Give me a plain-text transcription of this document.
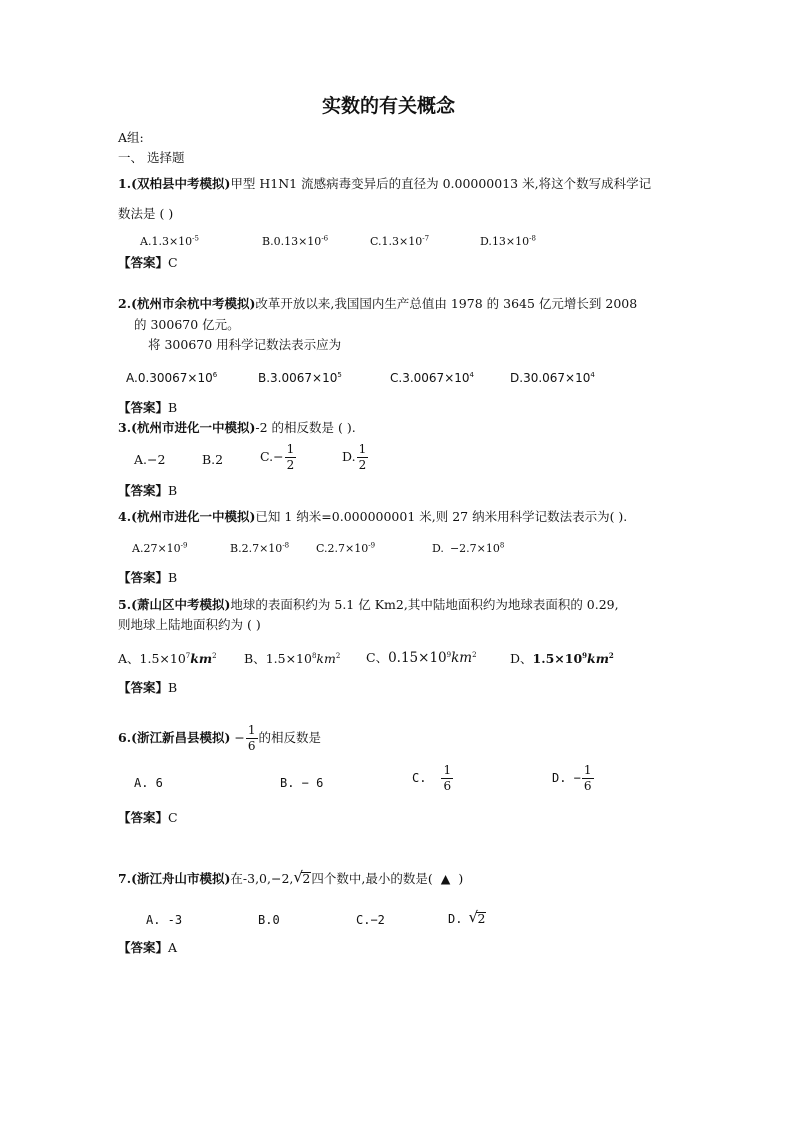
实数的有关概念
A组:
一、 选择题
1.(双柏县中考模拟)甲型 H1N1 流感病毒变异后的直径为 0.00000013 米,将这个数写成科学记
数法是 ( )
$A.1.3\times 10^{-5}$	$B.0.13\times 10^{-6}$	$C.1.3\times 10^{-7}$	$D.13\times 10^{-8}$
【答案】C
2.(杭州市余杭中考模拟)改革开放以来,我国国内生产总值由 1978 的 3645 亿元增长到 2008
的 300670 亿元。
将 300670 用科学记数法表示应为
$A.0.30067\times 10^6$	$B.3.0067\times 10^5$	$C.3.0067\times 10^4$	$D.30.067\times 10^4$
【答案】B
3.(杭州市进化一中模拟)-2 的相反数是 ( ).
A.−2	B.2	$C.- \frac{1}{2}$	D. $\frac{1}{2}$
【答案】B
4.(杭州市进化一中模拟)已知 1 纳米=0.000000001 米,则 27 纳米用科学记数法表示为( ).
$A.27\times 10^{-9}$	$B.2.7\times 10^{-8}$ $C.2.7\times 10^{-9}$	D. $-2.7\times 10^8$
【答案】B
5.(萧山区中考模拟)地球的表面积约为 5.1 亿 Km2,其中陆地面积约为地球表面积的 0.29,
则地球上陆地面积约为 ( )
A、$1.5\times 10^7km^2$ B、$1.5\times 10^8km^2$ C、$0.15\times 10^9km^2$	D、$1.5\times 10^9km^2$
【答案】B
6.(浙江新昌县模拟) − $\frac{1}{6}$ 的相反数是
A. 6	B. − 6	C. $\frac{1}{6}$	D. − $\frac{1}{6}$
【答案】C
7.(浙江舟山市模拟)在-3,0,−2, √ 2四个数中,最小的数是( ▲ )
A. -3	B.0	C.−2	D. √ 2
【答案】A
